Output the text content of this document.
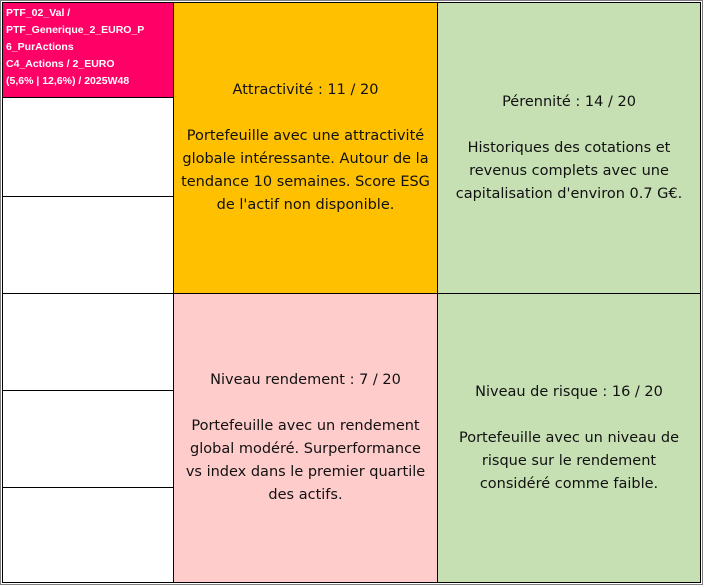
PTF_02_Val /
PTF_Generique_2_EURO_P
6_PurActions
C4_Actions / 2_EURO
(5,6% | 12,6%) / 2025W48
Attractivité : 11 / 20
Portefeuille avec une attractivité globale intéressante. Autour de la tendance 10 semaines. Score ESG de l'actif non disponible.
Pérennité : 14 / 20
Historiques des cotations et revenus complets avec une capitalisation d'environ 0.7 G€.
Niveau rendement : 7 / 20
Portefeuille avec un rendement global modéré. Surperformance vs index dans le premier quartile des actifs.
Niveau de risque : 16 / 20
Portefeuille avec un niveau de risque sur le rendement considéré comme faible.
